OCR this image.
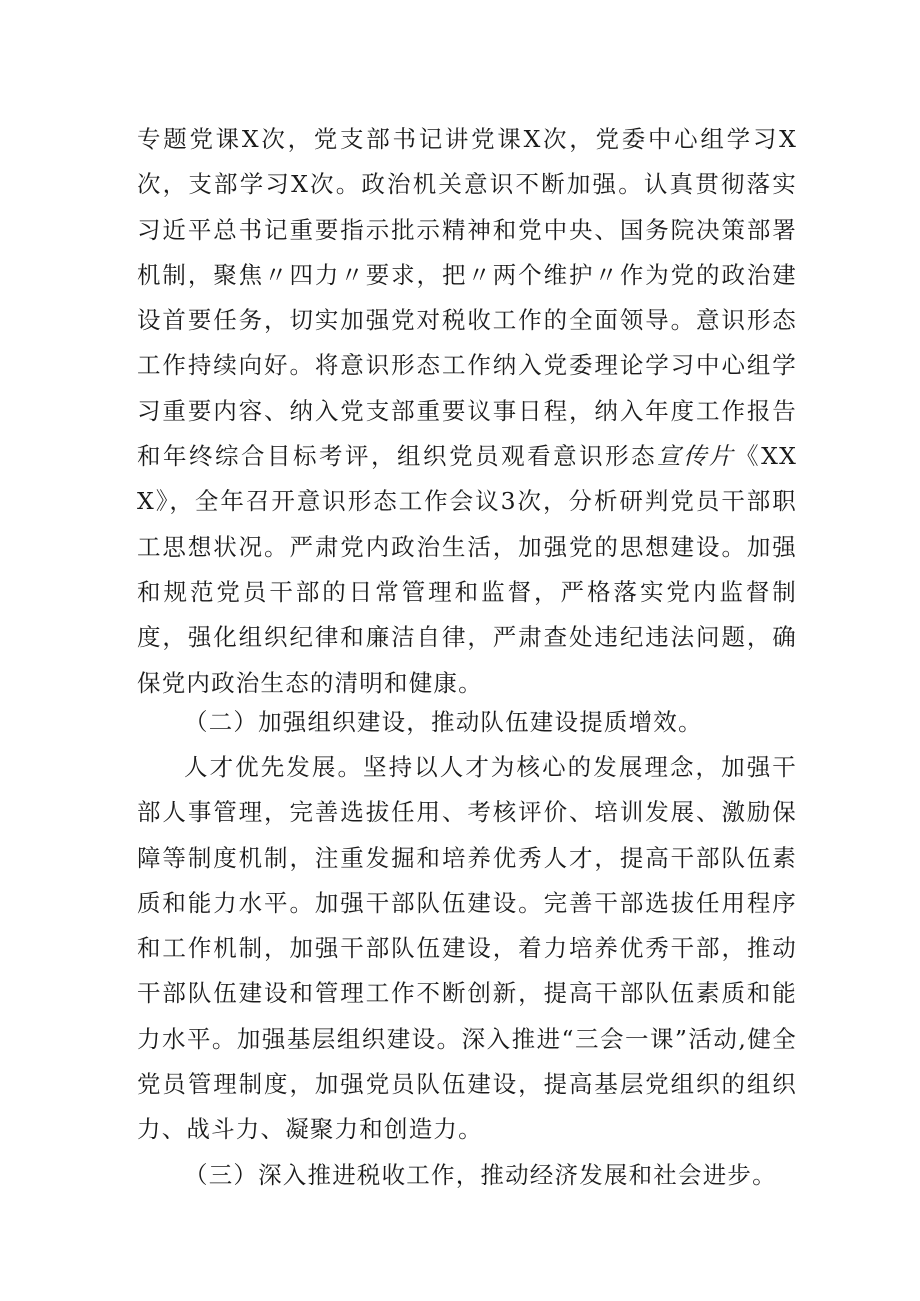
专题党课X次，党支部书记讲党课X次，党委中心组学习X次，支部学习X次。政治机关意识不断加强。认真贯彻落实习近平总书记重要指示批示精神和党中央、国务院决策部署机制，聚焦〃四力〃要求，把〃两个维护〃作为党的政治建设首要任务，切实加强党对税收工作的全面领导。意识形态工作持续向好。将意识形态工作纳入党委理论学习中心组学习重要内容、纳入党支部重要议事日程，纳入年度工作报告和年终综合目标考评，组织党员观看意识形态宣传片《XXX》，全年召开意识形态工作会议3次，分析研判党员干部职工思想状况。严肃党内政治生活，加强党的思想建设。加强和规范党员干部的日常管理和监督，严格落实党内监督制度，强化组织纪律和廉洁自律，严肃查处违纪违法问题，确保党内政治生态的清明和健康。

（二）加强组织建设，推动队伍建设提质增效。

人才优先发展。坚持以人才为核心的发展理念，加强干部人事管理，完善选拔任用、考核评价、培训发展、激励保障等制度机制，注重发掘和培养优秀人才，提高干部队伍素质和能力水平。加强干部队伍建设。完善干部选拔任用程序和工作机制，加强干部队伍建设，着力培养优秀干部，推动干部队伍建设和管理工作不断创新，提高干部队伍素质和能力水平。加强基层组织建设。深入推进“三会一课”活动,健全党员管理制度，加强党员队伍建设，提高基层党组织的组织力、战斗力、凝聚力和创造力。

（三）深入推进税收工作，推动经济发展和社会进步。
